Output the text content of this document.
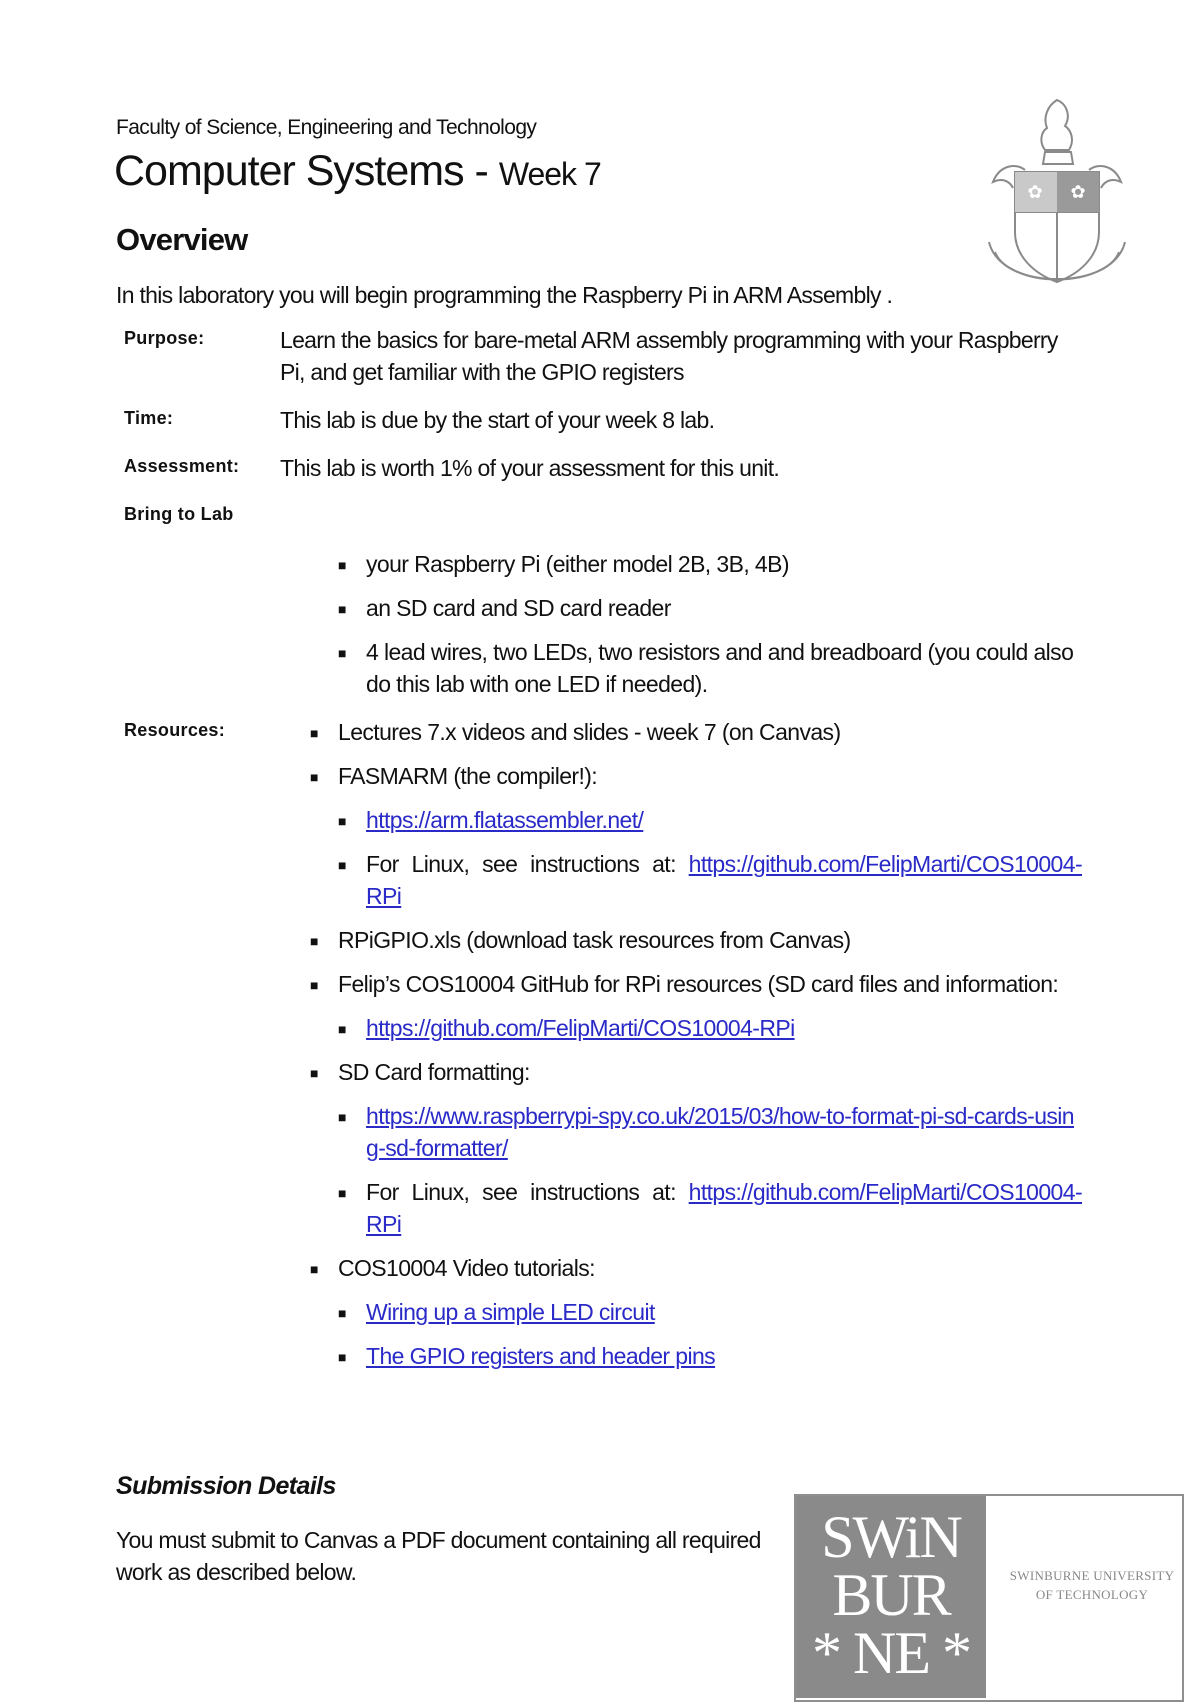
Faculty of Science, Engineering and Technology
Computer Systems - Week 7
✿ ✿
Overview
In this laboratory you will begin programming the Raspberry Pi in ARM Assembly .
Purpose:	Learn the basics for bare-metal ARM assembly programming with your Raspberry Pi, and get familiar with the GPIO registers
Time:	This lab is due by the start of your week 8 lab.
Assessment: This lab is worth 1% of your assessment for this unit.
Bring to Lab
■ your Raspberry Pi (either model 2B, 3B, 4B)
■ an SD card and SD card reader
■ 4 lead wires, two LEDs, two resistors and and breadboard (you could also do this lab with one LED if needed).
Resources:
■	Lectures 7.x videos and slides - week 7 (on Canvas)
■ FASMARM (the compiler!):
■ https://arm.flatassembler.net/
■ For Linux, see instructions at: https://github.com/FelipMarti/COS10004-RPi
■ RPiGPIO.xls (download task resources from Canvas)
■ Felip’s COS10004 GitHub for RPi resources (SD card files and information:
■ https://github.com/FelipMarti/COS10004-RPi
■ SD Card formatting:
■ https://www.raspberrypi-spy.co.uk/2015/03/how-to-format-pi-sd-cards-using-sd-formatter/
■ For Linux, see instructions at: https://github.com/FelipMarti/COS10004-RPi
■ COS10004 Video tutorials:
■ Wiring up a simple LED circuit
■ The GPIO registers and header pins
Submission Details
You must submit to Canvas a PDF document containing all required work as described below.
SWiN
BUR
* NE *
SWINBURNE UNIVERSITY
OF TECHNOLOGY
